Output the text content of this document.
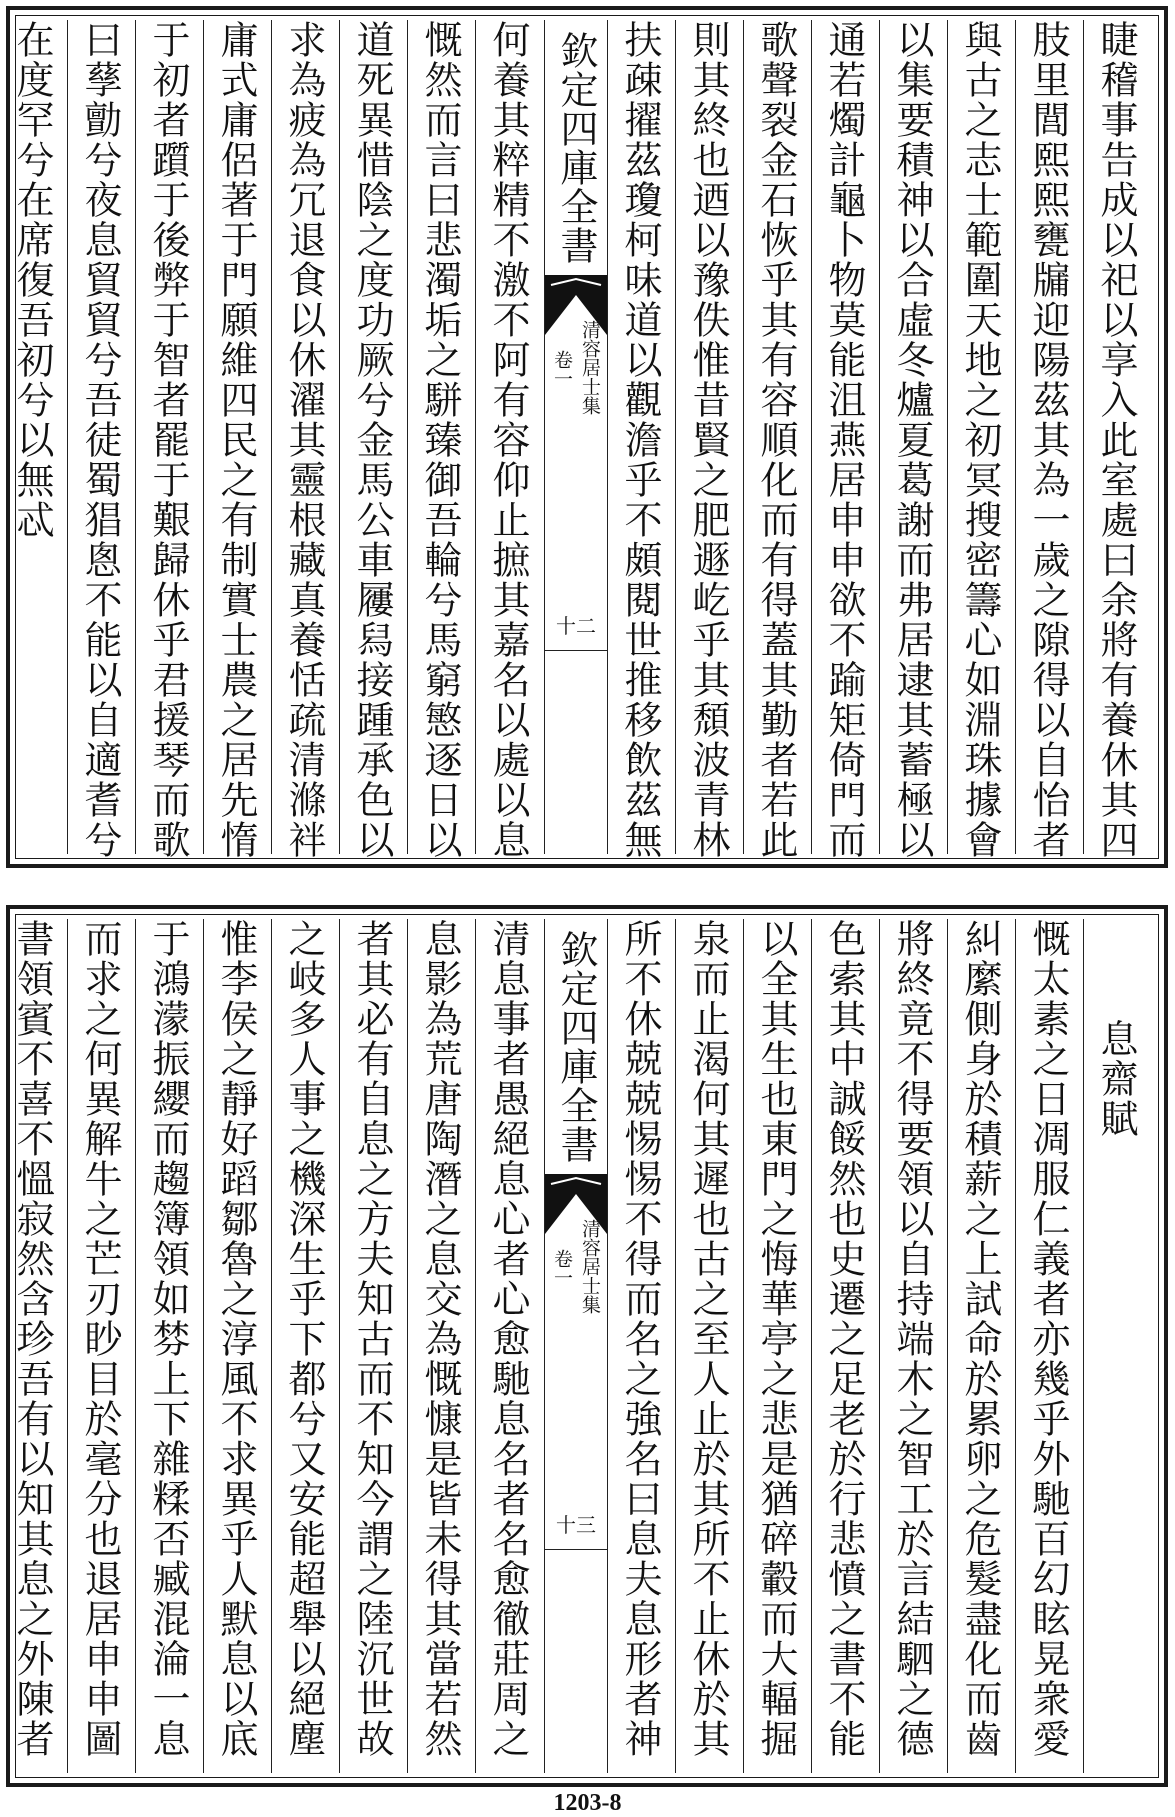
睫稽事告成以祀以享入此室處曰余將有養休其四
肢里閭熙熙甕牖迎陽茲其為一歲之隙得以自怡者
與古之志士範圍天地之初冥搜密籌心如淵珠據會
以集要積神以合虛冬爐夏葛謝而弗居逮其蓄極以
通若燭計龜卜物莫能沮燕居申申欲不踰矩倚門而
歌聲裂金石恢乎其有容順化而有得蓋其勤者若此
則其終也迺以豫佚惟昔賢之肥遯屹乎其頹波青林
扶疎擢茲瓊柯味道以觀澹乎不頗閱世推移飲茲無
欽定四庫全書
清容居士集
卷一
十二
何養其粹精不激不阿有容仰止摭其嘉名以處以息
慨然而言曰悲濁垢之駢臻御吾輪兮馬窮慜逐日以
道死異惜陰之度功厥兮金馬公車屨舄接踵承色以
求為疲為冗退食以休濯其靈根藏真養恬疏清滌袢
庸式庸侶著于門願維四民之有制實士農之居先惰
于初者躓于後弊于智者罷于艱歸休乎君援琴而歌
曰孶勯兮夜息貿貿兮吾徒蜀猖悤不能以自適耆兮
在度罕兮在席復吾初兮以無忒
息齋賦
慨太素之日凋服仁義者亦幾乎外馳百幻眩晃衆愛
糾縻側身於積薪之上試命於累卵之危髮盡化而齒
將終竟不得要領以自持端木之智工於言結駟之德
色索其中誠餒然也史遷之足老於行悲憤之書不能
以全其生也東門之悔華亭之悲是猶碎轂而大輻掘
泉而止渴何其遲也古之至人止於其所不止休於其
所不休兢兢惕惕不得而名之強名曰息夫息形者神
欽定四庫全書
清容居士集
卷一
十三
清息事者愚絕息心者心愈馳息名者名愈徹莊周之
息影為荒唐陶潛之息交為慨慷是皆未得其當若然
者其必有自息之方夫知古而不知今謂之陸沉世故
之岐多人事之機深生乎下都兮又安能超舉以絕塵
惟李侯之靜好蹈鄒魯之淳風不求異乎人默息以底
于鴻濛振纓而趨簿領如棼上下雜糅否臧混淪一息
而求之何異解牛之芒刃眇目於毫分也退居申申圖
書領賓不喜不慍寂然含珍吾有以知其息之外陳者
1203-8
